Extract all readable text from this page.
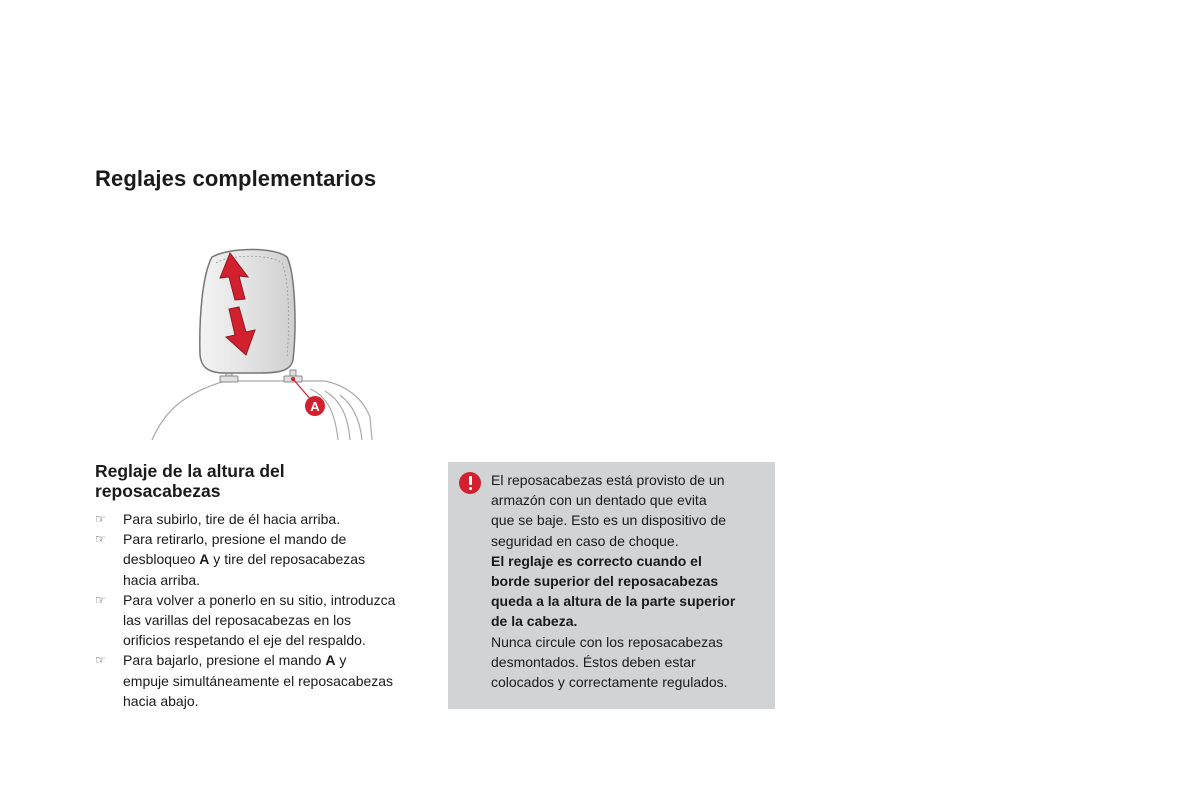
Reglajes complementarios
A
Reglaje de la altura del
reposacabezas
☞ Para subirlo, tire de él hacia arriba.
☞ Para retirarlo, presione el mando de
desbloqueo A y tire del reposacabezas
hacia arriba.
☞ Para volver a ponerlo en su sitio, introduzca
las varillas del reposacabezas en los
orificios respetando el eje del respaldo.
☞ Para bajarlo, presione el mando A y
empuje simultáneamente el reposacabezas
hacia abajo.

El reposacabezas está provisto de un
armazón con un dentado que evita
que se baje. Esto es un dispositivo de
seguridad en caso de choque.
El reglaje es correcto cuando el
borde superior del reposacabezas
queda a la altura de la parte superior
de la cabeza.
Nunca circule con los reposacabezas
desmontados. Éstos deben estar
colocados y correctamente regulados.
